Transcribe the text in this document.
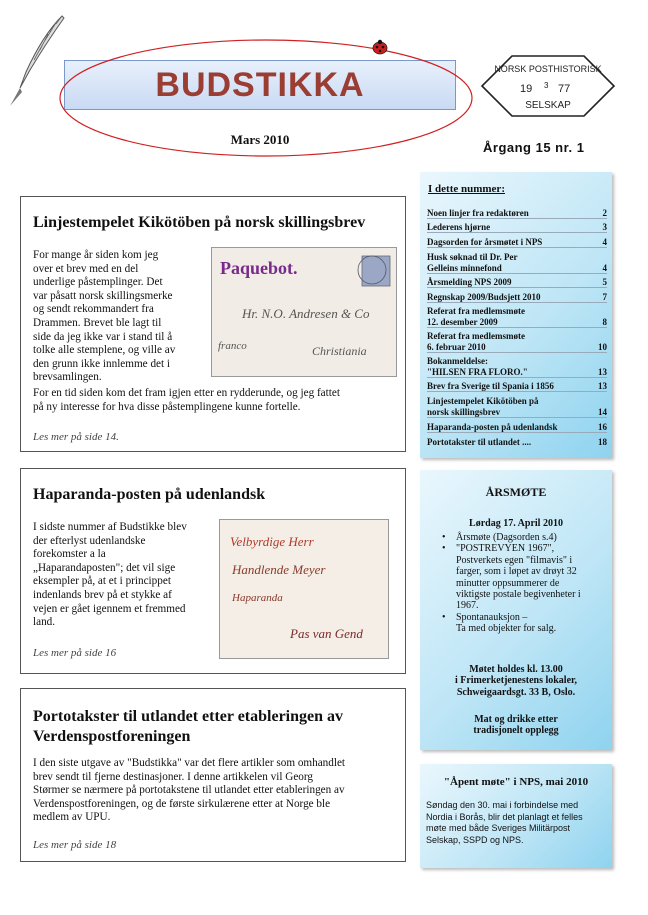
BUDSTIKKA
Mars 2010
NORSK POSTHISTORISK
19 3 77
SELSKAP
Årgang 15 nr. 1
Linjestempelet Kikötöben på norsk skillingsbrev
For mange år siden kom jeg
over et brev med en del
underlige påstemplinger. Det
var påsatt norsk skillingsmerke
og sendt rekommandert fra
Drammen. Brevet ble lagt til
side da jeg ikke var i stand til å
tolke alle stemplene, og ville av
den grunn ikke innlemme det i
brevsamlingen.
For en tid siden kom det fram igjen etter en rydderunde, og jeg fattet
på ny interesse for hva disse påstemplingene kunne fortelle.
Les mer på side 14.
Paquebot.
Hr. N.O. Andresen & Co
franco	Christiania
Haparanda-posten på udenlandsk
I sidste nummer af Budstikke blev
der efterlyst udenlandske
forekomster a la
„Haparandaposten"; det vil sige
eksempler på, at et i princippet
indenlands brev på et stykke af
vejen er gået igennem et fremmed
land.
Les mer på side 16
Velbyrdige Herr
Handlende Meyer
Haparanda
Pas van Gend
Portotakster til utlandet etter etableringen av Verdenspostforeningen
I den siste utgave av "Budstikka" var det flere artikler som omhandlet
brev sendt til fjerne destinasjoner. I denne artikkelen vil Georg
Størmer se nærmere på portotakstene til utlandet etter etableringen av
Verdenspostforeningen, og de første sirkulærene etter at Norge ble
medlem av UPU.
Les mer på side 18
I dette nummer:
Noen linjer fra redaktøren	2
Lederens hjørne	3
Dagsorden for årsmøtet i NPS	4
Husk søknad til Dr. Per
Gelleins minnefond	4
Årsmelding NPS 2009	5
Regnskap 2009/Budsjett 2010	7
Referat fra medlemsmøte
12. desember 2009	8
Referat fra medlemsmøte
6. februar 2010	10
Bokanmeldelse:
"HILSEN FRA FLORO."	13
Brev fra Sverige til Spania i 1856	13
Linjestempelet Kikötöben på
norsk skillingsbrev	14
Haparanda-posten på udenlandsk	16
Portotakster til utlandet ....	18
ÅRSMØTE
Lørdag 17. April 2010
• Årsmøte (Dagsorden s.4)
• "POSTREVYEN 1967",
Postverkets egen "filmavis" i
farger, som i løpet av drøyt 32
minutter oppsummerer de
viktigste postale begivenheter i
1967.
• Spontanauksjon –
Ta med objekter for salg.
Møtet holdes kl. 13.00
i Frimerketjenestens lokaler,
Schweigaardsgt. 33 B, Oslo.
Mat og drikke etter
tradisjonelt opplegg
"Åpent møte" i NPS, mai 2010
Søndag den 30. mai i forbindelse med
Nordia i Borås, blir det planlagt et felles
møte med både Sveriges Militärpost
Selskap, SSPD og NPS.
